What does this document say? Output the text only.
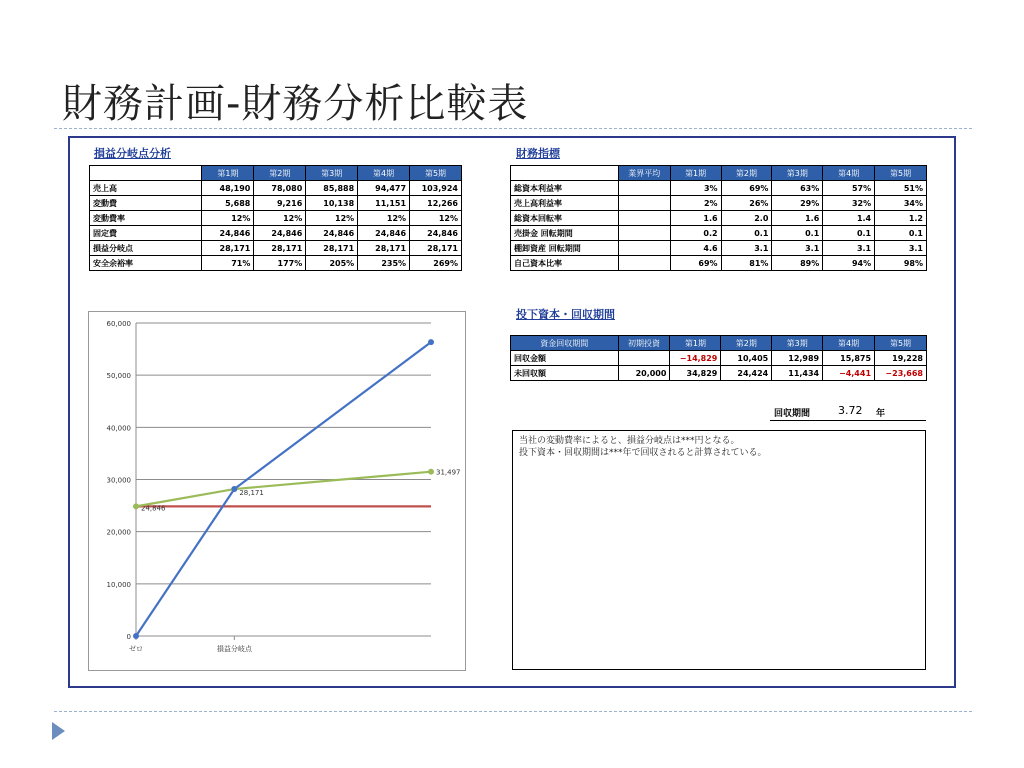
財務計画-財務分析比較表
損益分岐点分析	財務指標
投下資本・回収期間
	第1期	第2期	第3期	第4期	第5期
売上高	48,190	78,080	85,888	94,477	103,924
変動費	5,688	9,216	10,138	11,151	12,266
変動費率	12%	12%	12%	12%	12%
固定費	24,846	24,846	24,846	24,846	24,846
損益分岐点	28,171	28,171	28,171	28,171	28,171
安全余裕率	71%	177%	205%	235%	269%
	業界平均	第1期	第2期	第3期	第4期	第5期
総資本利益率		3%	69%	63%	57%	51%
売上高利益率		2%	26%	29%	32%	34%
総資本回転率		1.6	2.0	1.6	1.4	1.2
売掛金 回転期間		0.2	0.1	0.1	0.1	0.1
棚卸資産 回転期間		4.6	3.1	3.1	3.1	3.1
自己資本比率		69%	81%	89%	94%	98%
資金回収期間	初期投資	第1期	第2期	第3期	第4期	第5期
回収金額		−14,829	10,405	12,989	15,875	19,228
未回収額	20,000	34,829	24,424	11,434	−4,441	−23,668
0
10,000
20,000
30,000
40,000
50,000
60,000
ゼロ	損益分岐点
24,846
31,497
28,171
回収期間	3.72 年
当社の変動費率によると、損益分岐点は***円となる。
投下資本・回収期間は***年で回収されると計算されている。
